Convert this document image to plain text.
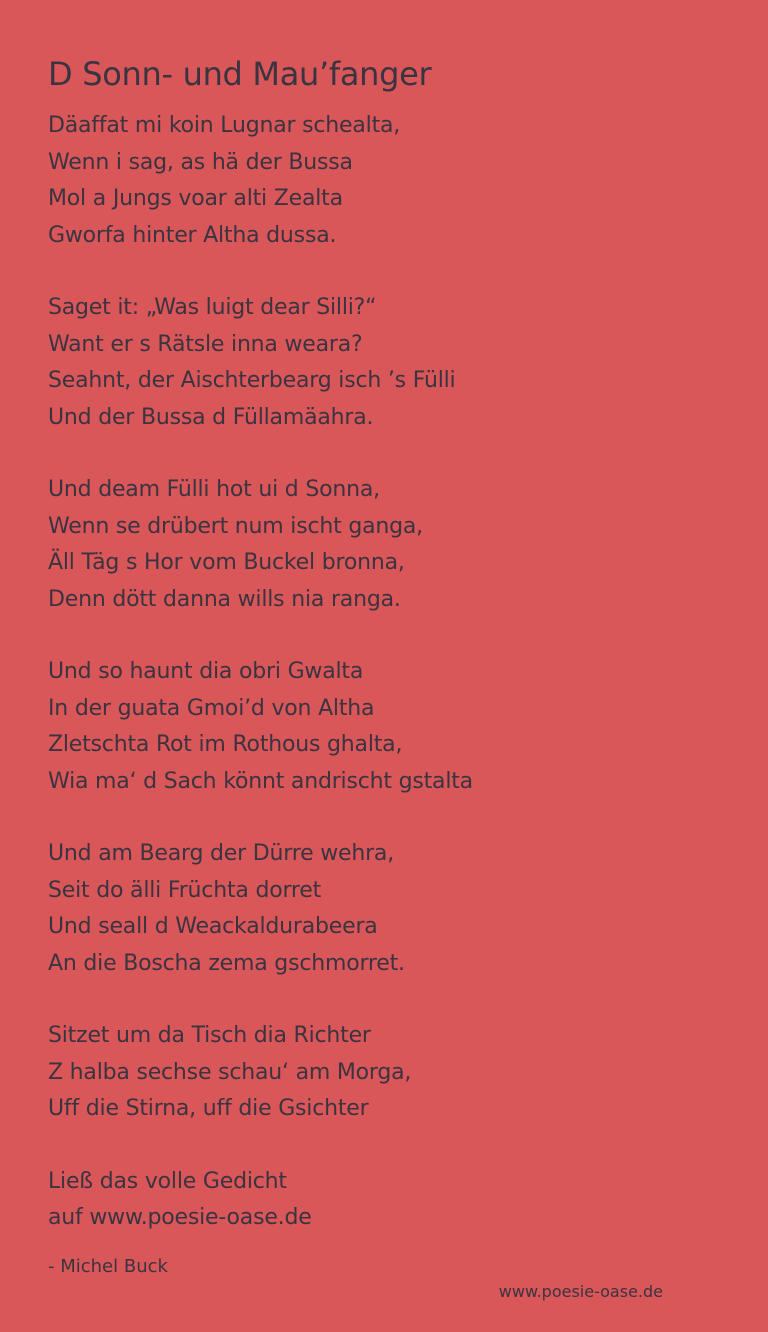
D Sonn- und Mau’fanger
Däaffat mi koin Lugnar schealta,
Wenn i sag, as hä der Bussa
Mol a Jungs voar alti Zealta
Gworfa hinter Altha dussa.
Saget it: „Was luigt dear Silli?“
Want er s Rätsle inna weara?
Seahnt, der Aischterbearg isch ’s Fülli
Und der Bussa d Füllamäahra.
Und deam Fülli hot ui d Sonna,
Wenn se drübert num ischt ganga,
Äll Täg s Hor vom Buckel bronna,
Denn dött danna wills nia ranga.
Und so haunt dia obri Gwalta
In der guata Gmoi’d von Altha
Zletschta Rot im Rothous ghalta,
Wia ma‘ d Sach könnt andrischt gstalta
Und am Bearg der Dürre wehra,
Seit do älli Früchta dorret
Und seall d Weackaldurabeera
An die Boscha zema gschmorret.
Sitzet um da Tisch dia Richter
Z halba sechse schau‘ am Morga,
Uff die Stirna, uff die Gsichter
Ließ das volle Gedicht
auf www.poesie-oase.de
- Michel Buck
www.poesie-oase.de
